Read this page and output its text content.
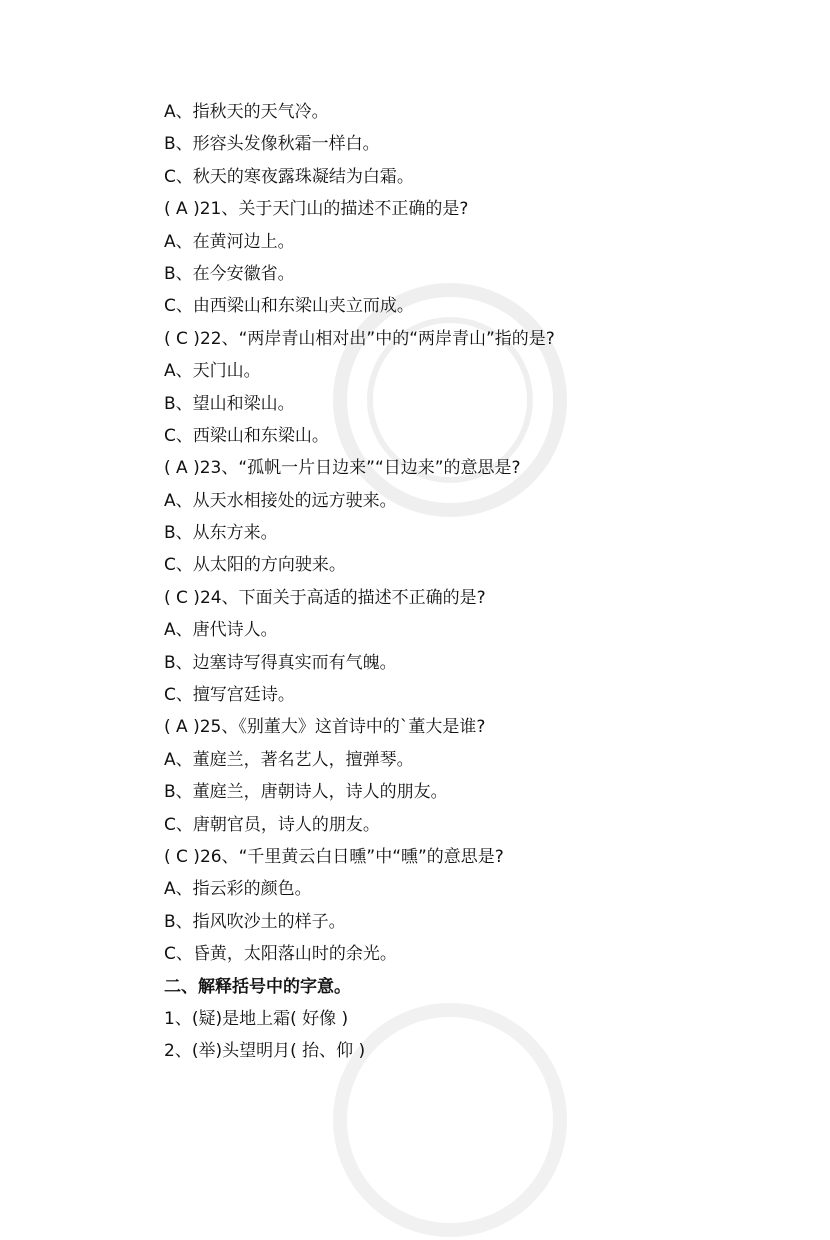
A、指秋天的天气冷。
B、形容头发像秋霜一样白。
C、秋天的寒夜露珠凝结为白霜。
( A )21、关于天门山的描述不正确的是?
A、在黄河边上。
B、在今安徽省。
C、由西梁山和东梁山夹立而成。
( C )22、“两岸青山相对出”中的“两岸青山”指的是?
A、天门山。
B、望山和梁山。
C、西梁山和东梁山。
( A )23、“孤帆一片日边来”“日边来”的意思是?
A、从天水相接处的远方驶来。
B、从东方来。
C、从太阳的方向驶来。
( C )24、下面关于高适的描述不正确的是?
A、唐代诗人。
B、边塞诗写得真实而有气魄。
C、擅写宫廷诗。
( A )25、《别董大》这首诗中的`董大是谁?
A、董庭兰，著名艺人，擅弹琴。
B、董庭兰，唐朝诗人，诗人的朋友。
C、唐朝官员，诗人的朋友。
( C )26、“千里黄云白日曛”中“曛”的意思是?
A、指云彩的颜色。
B、指风吹沙土的样子。
C、昏黄，太阳落山时的余光。
二、解释括号中的字意。
1、(疑)是地上霜( 好像 )
2、(举)头望明月( 抬、仰 )
